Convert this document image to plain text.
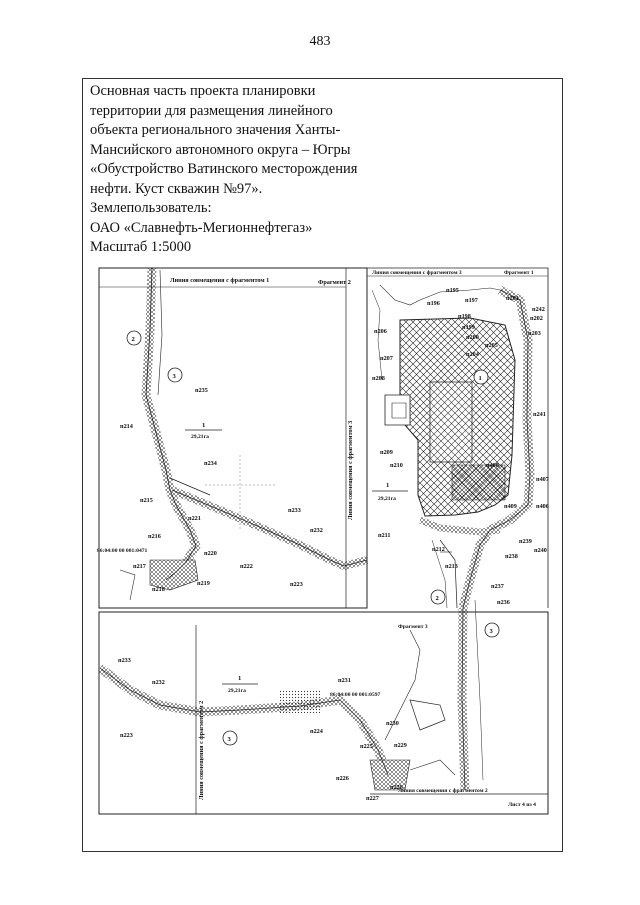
483
Основная часть проекта планировки
территории для размещения линейного
объекта регионального значения Ханты-
Мансийского автономного округа – Югры
«Обустройство Ватинского месторождения
нефти. Куст скважин №97».
Землепользователь:
ОАО «Славнефть-Мегионнефтегаз»
Масштаб 1:5000
Линия совмещения с фрагментом 1	Фрагмент 2
Линия совмещения с фрагментом 3
2
3
1
29,21га
86:04:00 00 001:0471
п235
п214
п234
п215
п221
п216
п220
п217
п218
п219
п222
п233
п232
п223
Линия совмещения с фрагментом 3	Фрагмент 1
1
2
1
29,21га
п195
п196	п197	п201
п242
п202
п198
п199
п200
п205
п204
п203
п206
п207
п208
п241
п209
п210	п408
п407
п409	п406
п211
п212
п239
п238
п240
п213
п237
п236
3
Фрагмент 3
Линия совмещения с фрагментом 2	Линия совмещения с фрагментом 2
Лист 4 из 4
3
1
29,21га
86:04:00 00 001:0597
п233
п232
п223
п231
п224
п230
п225	п229
п226
п228
п227
